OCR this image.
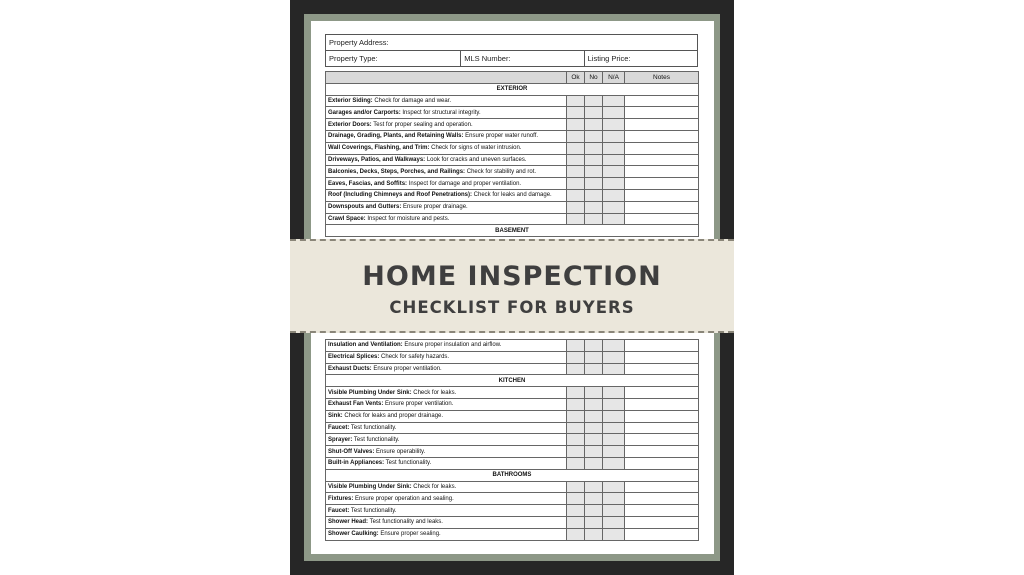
Property Address:
Property Type:	MLS Number:	Listing Price:
	Ok	No	N/A	Notes
EXTERIOR				
Exterior Siding: Check for damage and wear.				
Garages and/or Carports: Inspect for structural integrity.				
Exterior Doors: Test for proper sealing and operation.				
Drainage, Grading, Plants, and Retaining Walls: Ensure proper water runoff.				
Wall Coverings, Flashing, and Trim: Check for signs of water intrusion.				
Driveways, Patios, and Walkways: Look for cracks and uneven surfaces.				
Balconies, Decks, Steps, Porches, and Railings: Check for stability and rot.				
Eaves, Fascias, and Soffits: Inspect for damage and proper ventilation.				
Roof (Including Chimneys and Roof Penetrations): Check for leaks and damage.				
Downspouts and Gutters: Ensure proper drainage.				
Crawl Space: Inspect for moisture and pests.				
BASEMENT				
Insulation and Ventilation: Ensure proper insulation and airflow.				
Electrical Splices: Check for safety hazards.				
Exhaust Ducts: Ensure proper ventilation.				
KITCHEN				
Visible Plumbing Under Sink: Check for leaks.				
Exhaust Fan Vents: Ensure proper ventilation.				
Sink: Check for leaks and proper drainage.				
Faucet: Test functionality.				
Sprayer: Test functionality.				
Shut-Off Valves: Ensure operability.				
Built-in Appliances: Test functionality.				
BATHROOMS				
Visible Plumbing Under Sink: Check for leaks.				
Fixtures: Ensure proper operation and sealing.				
Faucet: Test functionality.				
Shower Head: Test functionality and leaks.				
Shower Caulking: Ensure proper sealing.				
HOME INSPECTION
CHECKLIST FOR BUYERS
